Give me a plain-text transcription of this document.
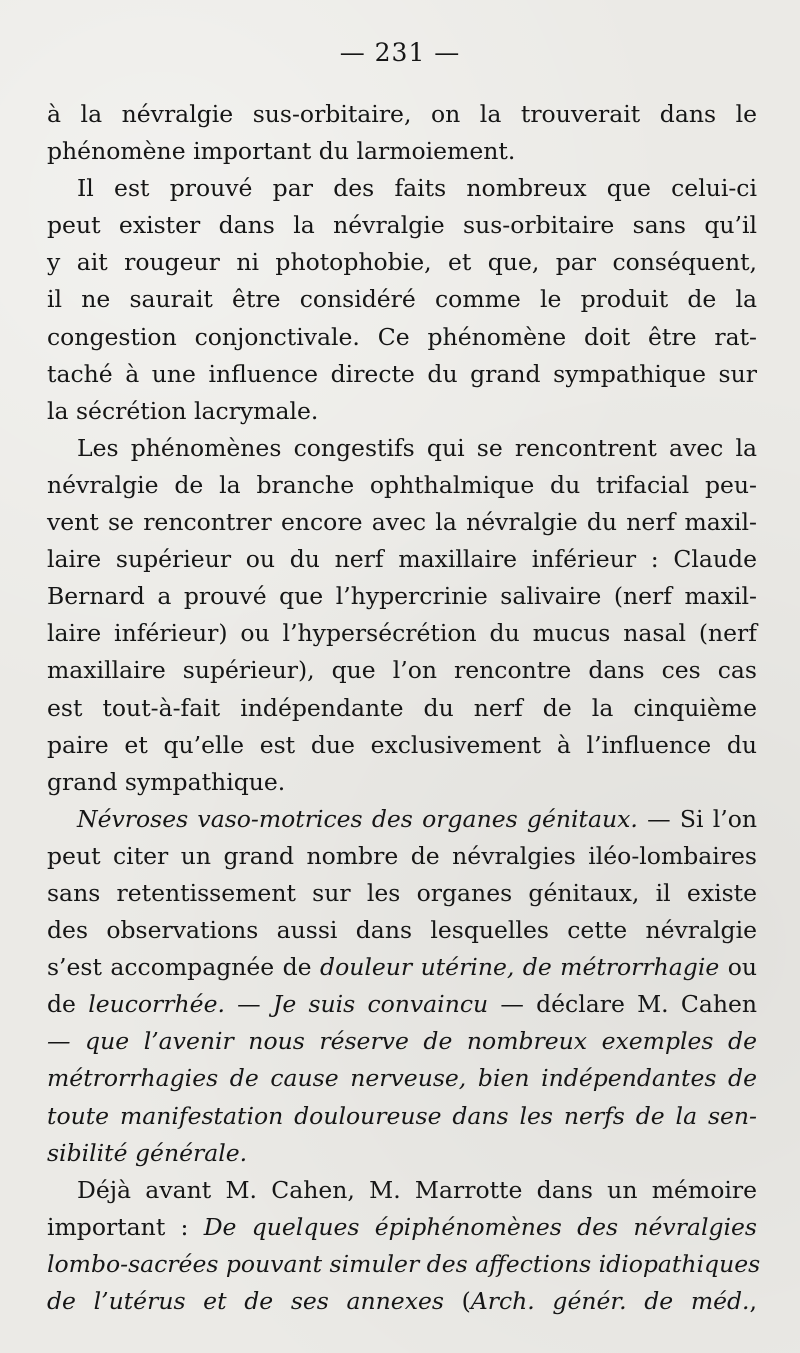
— 231 —
à la névralgie sus-orbitaire, on la trouverait dans le
phénomène important du larmoiement.
Il est prouvé par des faits nombreux que celui-ci
peut exister dans la névralgie sus-orbitaire sans qu’il
y ait rougeur ni photophobie, et que, par conséquent,
il ne saurait être considéré comme le produit de la
congestion conjonctivale. Ce phénomène doit être rat-
taché à une influence directe du grand sympathique sur
la sécrétion lacrymale.
Les phénomènes congestifs qui se rencontrent avec la
névralgie de la branche ophthalmique du trifacial peu-
vent se rencontrer encore avec la névralgie du nerf maxil-
laire supérieur ou du nerf maxillaire inférieur : Claude
Bernard a prouvé que l’hypercrinie salivaire (nerf maxil-
laire inférieur) ou l’hypersécrétion du mucus nasal (nerf
maxillaire supérieur), que l’on rencontre dans ces cas
est tout-à-fait indépendante du nerf de la cinquième
paire et qu’elle est due exclusivement à l’influence du
grand sympathique.
Névroses vaso-motrices des organes génitaux. — Si l’on
peut citer un grand nombre de névralgies iléo-lombaires
sans retentissement sur les organes génitaux, il existe
des observations aussi dans lesquelles cette névralgie
s’est accompagnée de douleur utérine, de métrorrhagie ou
de leucorrhée. — Je suis convaincu — déclare M. Cahen
— que l’avenir nous réserve de nombreux exemples de
métrorrhagies de cause nerveuse, bien indépendantes de
toute manifestation douloureuse dans les nerfs de la sen-
sibilité générale.
Déjà avant M. Cahen, M. Marrotte dans un mémoire
important : De quelques épiphénomènes des névralgies
lombo-sacrées pouvant simuler des affections idiopathiques
de l’utérus et de ses annexes (Arch. génér. de méd.,
